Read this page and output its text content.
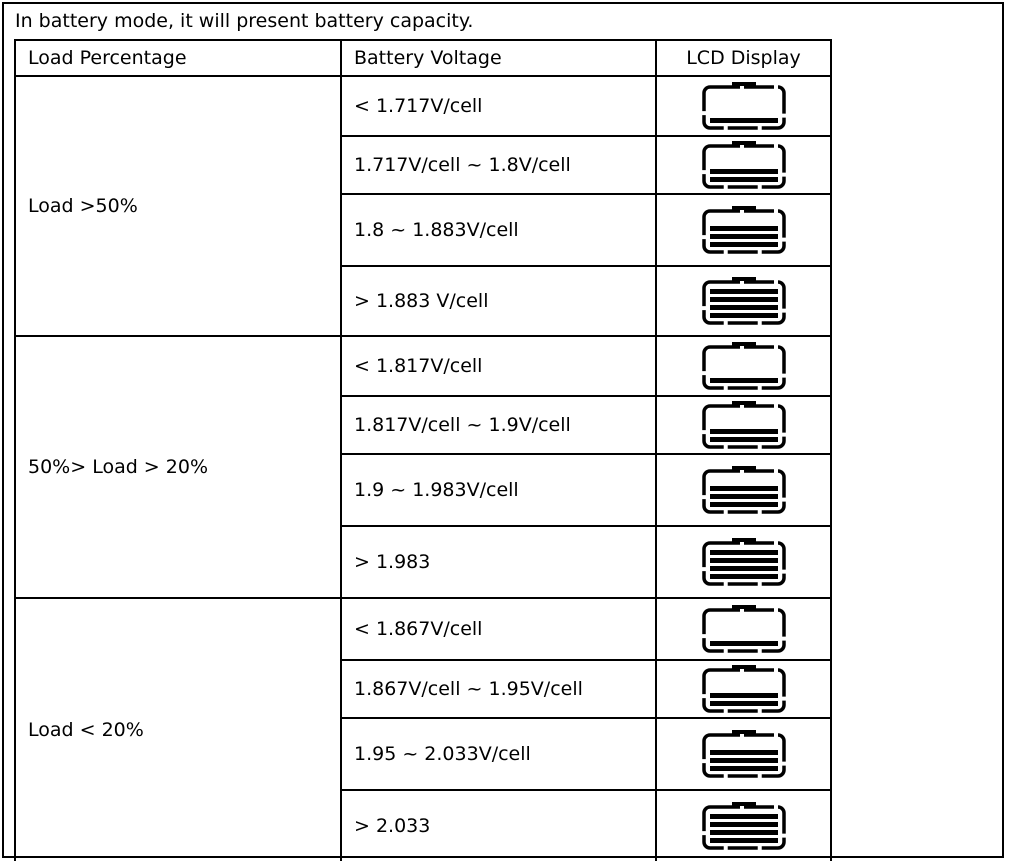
In battery mode, it will present battery capacity.
Load Percentage	Battery Voltage	LCD Display
Load >50%
< 1.717V/cell
1.717V/cell ~ 1.8V/cell
1.8 ~ 1.883V/cell
> 1.883 V/cell
50%> Load > 20%
< 1.817V/cell
1.817V/cell ~ 1.9V/cell
1.9 ~ 1.983V/cell
> 1.983
Load < 20%
< 1.867V/cell
1.867V/cell ~ 1.95V/cell
1.95 ~ 2.033V/cell
> 2.033
